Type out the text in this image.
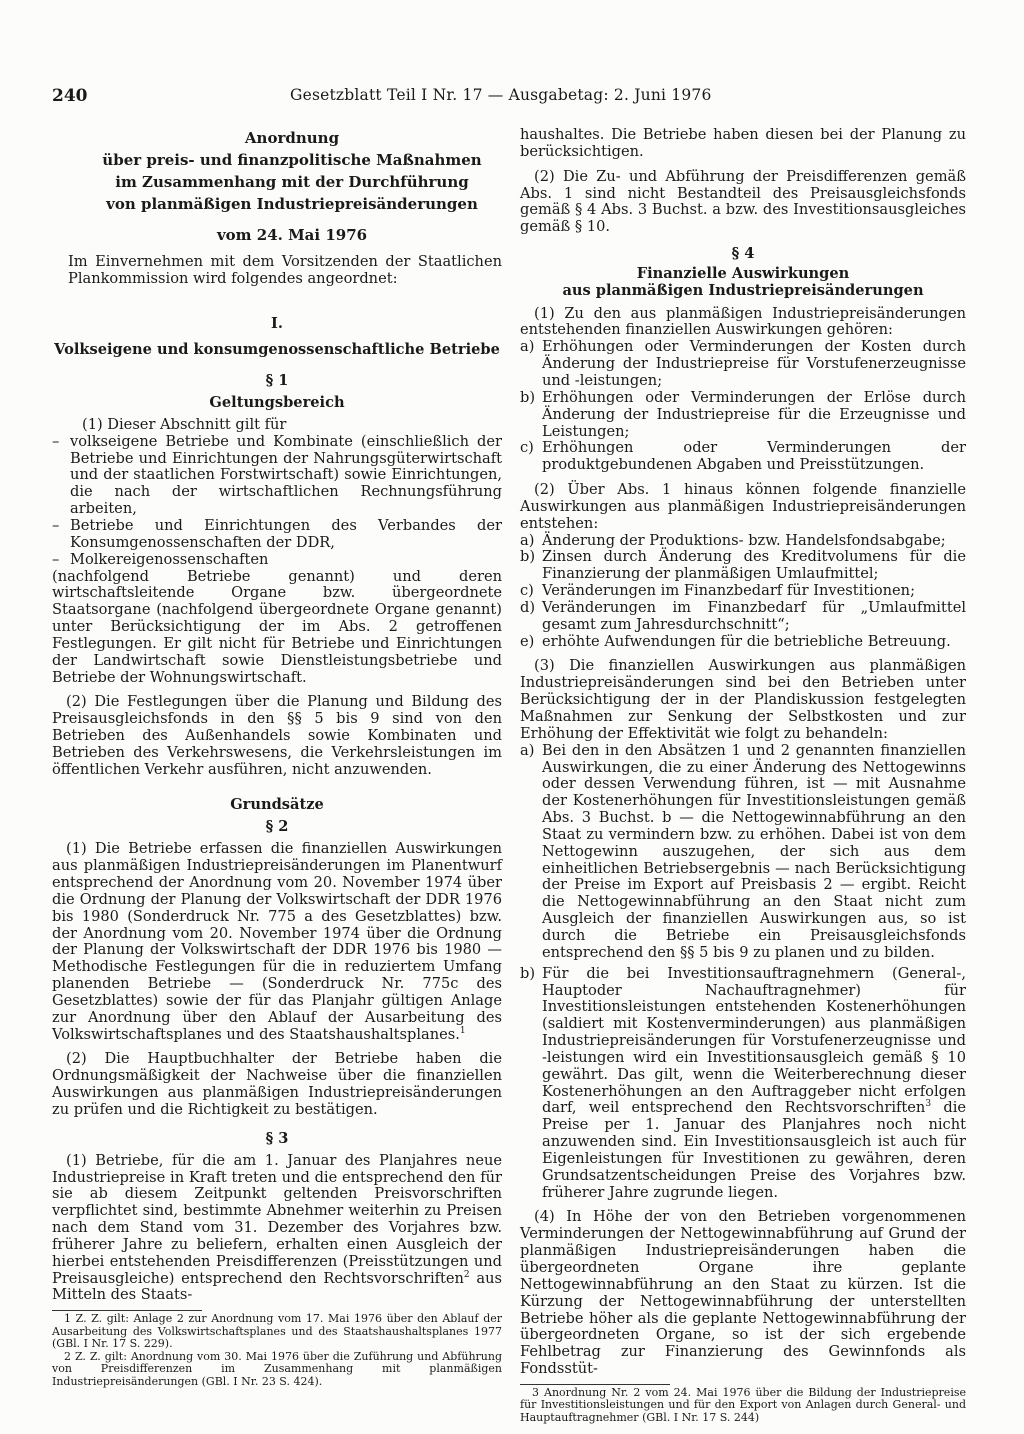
240	Gesetzblatt Teil I Nr. 17 — Ausgabetag: 2. Juni 1976
Anordnung
über preis- und finanzpolitische Maßnahmen
im Zusammenhang mit der Durchführung
von planmäßigen Industriepreisänderungen
vom 24. Mai 1976

Im Einvernehmen mit dem Vorsitzenden der Staatlichen Plankommission wird folgendes angeordnet:

I.
Volkseigene und konsumgenossenschaftliche Betriebe
§ 1
Geltungsbereich

(1) Dieser Abschnitt gilt für

– volkseigene Betriebe und Kombinate (einschließlich der Betriebe und Einrichtungen der Nahrungsgüterwirtschaft und der staatlichen Forstwirtschaft) sowie Einrichtungen, die nach der wirtschaftlichen Rechnungsführung arbeiten,
– Betriebe und Einrichtungen des Verbandes der Konsumgenossenschaften der DDR,
– Molkereigenossenschaften

(nachfolgend Betriebe genannt) und deren wirtschaftsleitende Organe bzw. übergeordnete Staatsorgane (nachfolgend übergeordnete Organe genannt) unter Berücksichtigung der im Abs. 2 getroffenen Festlegungen. Er gilt nicht für Betriebe und Einrichtungen der Landwirtschaft sowie Dienstleistungsbetriebe und Betriebe der Wohnungswirtschaft.

(2) Die Festlegungen über die Planung und Bildung des Preisausgleichsfonds in den §§ 5 bis 9 sind von den Betrieben des Außenhandels sowie Kombinaten und Betrieben des Verkehrswesens, die Verkehrsleistungen im öffentlichen Verkehr ausführen, nicht anzuwenden.

Grundsätze
§ 2

(1) Die Betriebe erfassen die finanziellen Auswirkungen aus planmäßigen Industriepreisänderungen im Planentwurf entsprechend der Anordnung vom 20. November 1974 über die Ordnung der Planung der Volkswirtschaft der DDR 1976 bis 1980 (Sonderdruck Nr. 775 a des Gesetzblattes) bzw. der Anordnung vom 20. November 1974 über die Ordnung der Planung der Volkswirtschaft der DDR 1976 bis 1980 — Methodische Festlegungen für die in reduziertem Umfang planenden Betriebe — (Sonderdruck Nr. 775c des Gesetzblattes) sowie der für das Planjahr gültigen Anlage zur Anordnung über den Ablauf der Ausarbeitung des Volkswirtschaftsplanes und des Staatshaushaltsplanes.$^1$

(2) Die Hauptbuchhalter der Betriebe haben die Ordnungsmäßigkeit der Nachweise über die finanziellen Auswirkungen aus planmäßigen Industriepreisänderungen zu prüfen und die Richtigkeit zu bestätigen.

§ 3

(1) Betriebe, für die am 1. Januar des Planjahres neue Industriepreise in Kraft treten und die entsprechend den für sie ab diesem Zeitpunkt geltenden Preisvorschriften verpflichtet sind, bestimmte Abnehmer weiterhin zu Preisen nach dem Stand vom 31. Dezember des Vorjahres bzw. früherer Jahre zu beliefern, erhalten einen Ausgleich der hierbei entstehenden Preisdifferenzen (Preisstützungen und Preisausgleiche) entsprechend den Rechtsvorschriften$^2$ aus Mitteln des Staats-

1 Z. Z. gilt: Anlage 2 zur Anordnung vom 17. Mai 1976 über den Ablauf der Ausarbeitung des Volkswirtschaftsplanes und des Staatshaushaltsplanes 1977 (GBl. I Nr. 17 S. 229).

2 Z. Z. gilt: Anordnung vom 30. Mai 1976 über die Zuführung und Abführung von Preisdifferenzen im Zusammenhang mit planmäßigen Industriepreisänderungen (GBl. I Nr. 23 S. 424).

haushaltes. Die Betriebe haben diesen bei der Planung zu berücksichtigen.

(2) Die Zu- und Abführung der Preisdifferenzen gemäß Abs. 1 sind nicht Bestandteil des Preisausgleichsfonds gemäß § 4 Abs. 3 Buchst. a bzw. des Investitionsausgleiches gemäß § 10.

§ 4
Finanzielle Auswirkungen
aus planmäßigen Industriepreisänderungen

(1) Zu den aus planmäßigen Industriepreisänderungen entstehenden finanziellen Auswirkungen gehören:

a) Erhöhungen oder Verminderungen der Kosten durch Änderung der Industriepreise für Vorstufenerzeugnisse und -leistungen;
b) Erhöhungen oder Verminderungen der Erlöse durch Änderung der Industriepreise für die Erzeugnisse und Leistungen;
c) Erhöhungen oder Verminderungen der produktgebundenen Abgaben und Preisstützungen.

(2) Über Abs. 1 hinaus können folgende finanzielle Auswirkungen aus planmäßigen Industriepreisänderungen entstehen:

a) Änderung der Produktions- bzw. Handelsfondsabgabe;
b) Zinsen durch Änderung des Kreditvolumens für die Finanzierung der planmäßigen Umlaufmittel;
c) Veränderungen im Finanzbedarf für Investitionen;
d) Veränderungen im Finanzbedarf für „Umlaufmittel gesamt zum Jahresdurchschnitt“;
e) erhöhte Aufwendungen für die betriebliche Betreuung.

(3) Die finanziellen Auswirkungen aus planmäßigen Industriepreisänderungen sind bei den Betrieben unter Berücksichtigung der in der Plandiskussion festgelegten Maßnahmen zur Senkung der Selbstkosten und zur Erhöhung der Effektivität wie folgt zu behandeln:

a) Bei den in den Absätzen 1 und 2 genannten finanziellen Auswirkungen, die zu einer Änderung des Nettogewinns oder dessen Verwendung führen, ist — mit Ausnahme der Kostenerhöhungen für Investitionsleistungen gemäß Abs. 3 Buchst. b — die Nettogewinnabführung an den Staat zu vermindern bzw. zu erhöhen. Dabei ist von dem Nettogewinn auszugehen, der sich aus dem einheitlichen Betriebsergebnis — nach Berücksichtigung der Preise im Export auf Preisbasis 2 — ergibt. Reicht die Nettogewinnabführung an den Staat nicht zum Ausgleich der finanziellen Auswirkungen aus, so ist durch die Betriebe ein Preisausgleichsfonds entsprechend den §§ 5 bis 9 zu planen und zu bilden.
b) Für die bei Investitionsauftragnehmern (General-, Hauptoder Nachauftragnehmer) für Investitionsleistungen entstehenden Kostenerhöhungen (saldiert mit Kostenverminderungen) aus planmäßigen Industriepreisänderungen für Vorstufenerzeugnisse und -leistungen wird ein Investitionsausgleich gemäß § 10 gewährt. Das gilt, wenn die Weiterberechnung dieser Kostenerhöhungen an den Auftraggeber nicht erfolgen darf, weil entsprechend den Rechtsvorschriften$^3$ die Preise per 1. Januar des Planjahres noch nicht anzuwenden sind. Ein Investitionsausgleich ist auch für Eigenleistungen für Investitionen zu gewähren, deren Grundsatzentscheidungen Preise des Vorjahres bzw. früherer Jahre zugrunde liegen.

(4) In Höhe der von den Betrieben vorgenommenen Verminderungen der Nettogewinnabführung auf Grund der planmäßigen Industriepreisänderungen haben die übergeordneten Organe ihre geplante Nettogewinnabführung an den Staat zu kürzen. Ist die Kürzung der Nettogewinnabführung der unterstellten Betriebe höher als die geplante Nettogewinnabführung der übergeordneten Organe, so ist der sich ergebende Fehlbetrag zur Finanzierung des Gewinnfonds als Fondsstüt-

3 Anordnung Nr. 2 vom 24. Mai 1976 über die Bildung der Industriepreise für Investitionsleistungen und für den Export von Anlagen durch General- und Hauptauftragnehmer (GBl. I Nr. 17 S. 244)
